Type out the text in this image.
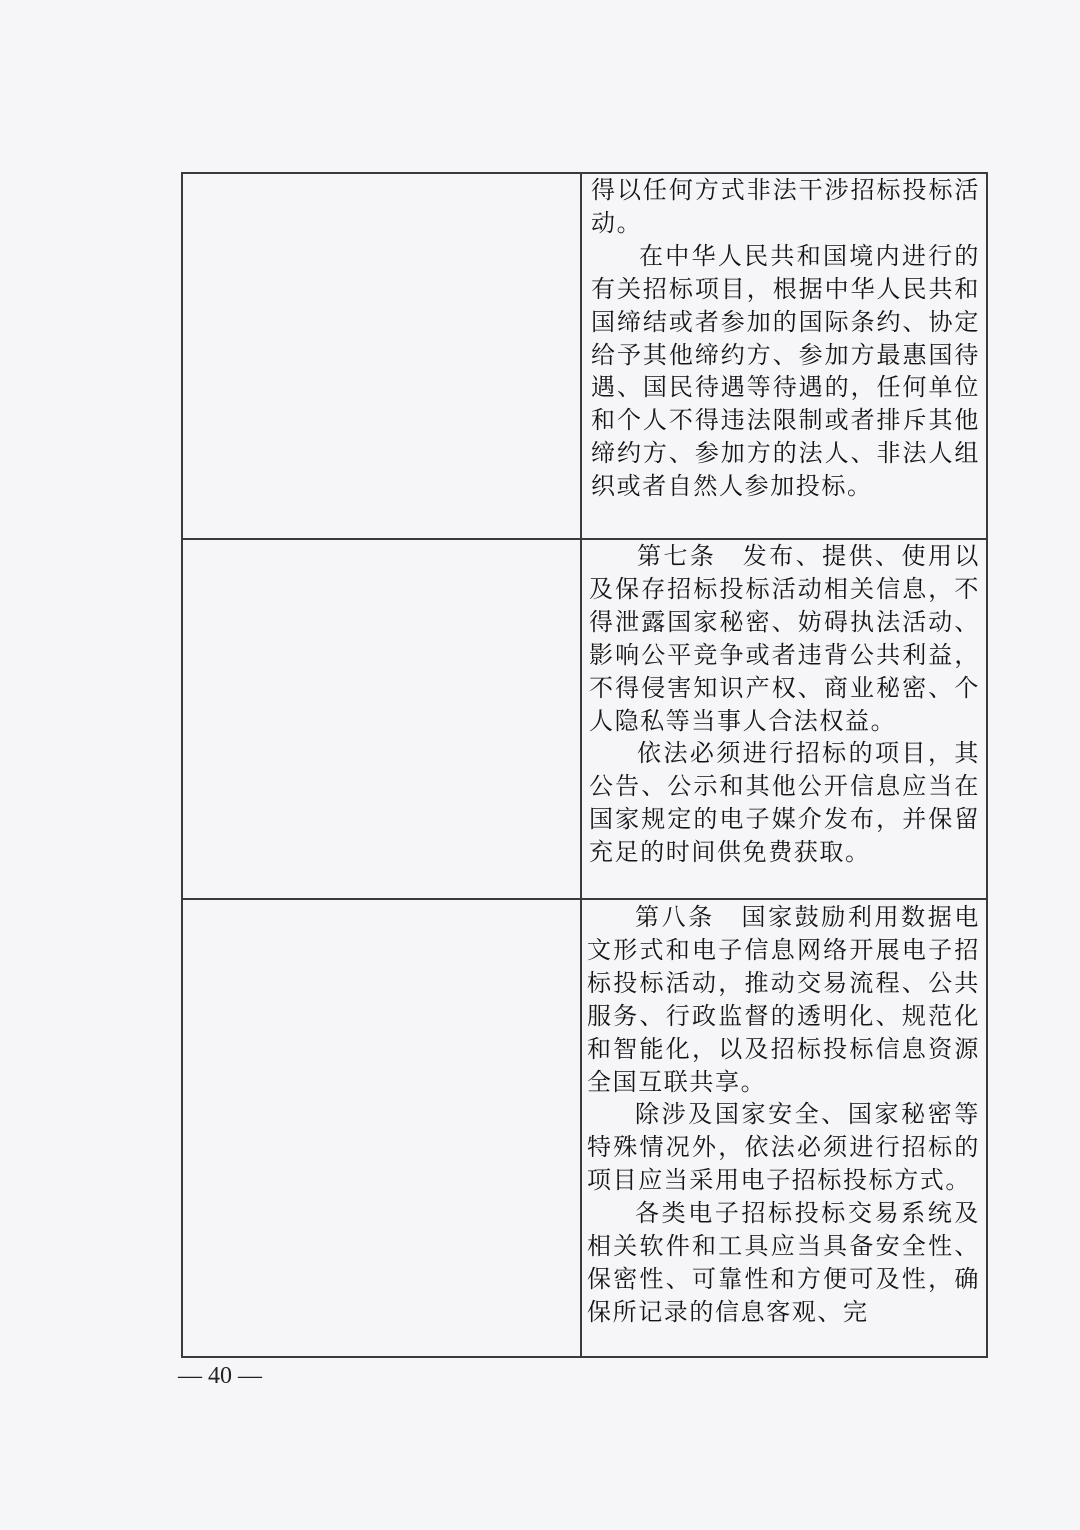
得以任何方式非法干涉招标投标活动。

在中华人民共和国境内进行的有关招标项目，根据中华人民共和国缔结或者参加的国际条约、协定给予其他缔约方、参加方最惠国待遇、国民待遇等待遇的，任何单位和个人不得违法限制或者排斥其他缔约方、参加方的法人、非法人组织或者自然人参加投标。

第七条　发布、提供、使用以及保存招标投标活动相关信息，不得泄露国家秘密、妨碍执法活动、影响公平竞争或者违背公共利益，不得侵害知识产权、商业秘密、个人隐私等当事人合法权益。

依法必须进行招标的项目，其公告、公示和其他公开信息应当在国家规定的电子媒介发布，并保留充足的时间供免费获取。

第八条　国家鼓励利用数据电文形式和电子信息网络开展电子招标投标活动，推动交易流程、公共服务、行政监督的透明化、规范化和智能化，以及招标投标信息资源全国互联共享。

除涉及国家安全、国家秘密等特殊情况外，依法必须进行招标的项目应当采用电子招标投标方式。

各类电子招标投标交易系统及相关软件和工具应当具备安全性、保密性、可靠性和方便可及性，确保所记录的信息客观、完

— 40 —
